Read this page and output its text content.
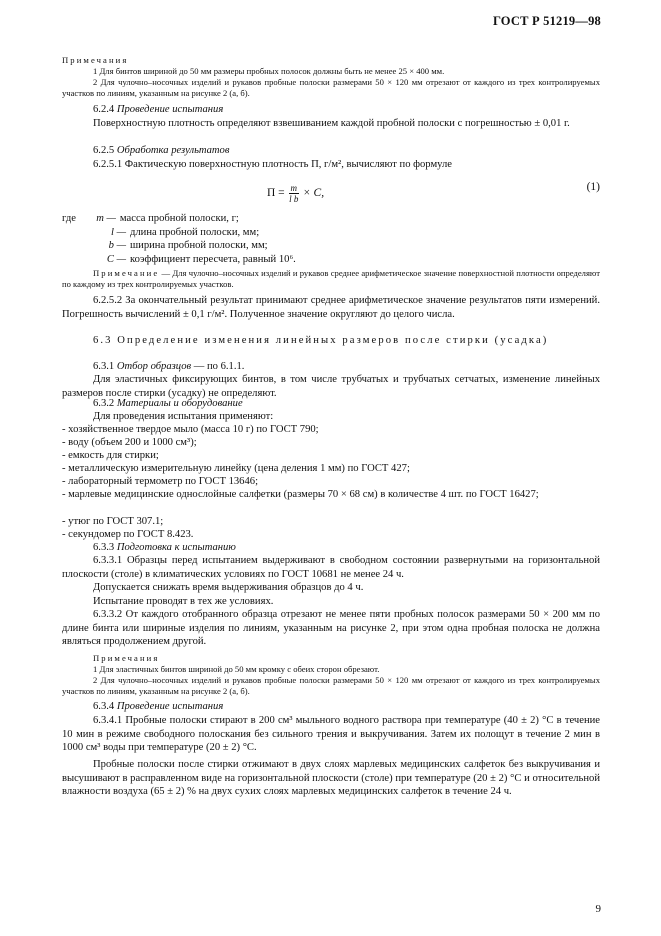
ГОСТ Р 51219—98
Примечания

1 Для бинтов шириной до 50 мм размеры пробных полосок должны быть не менее 25 × 400 мм.

2 Для чулочно–носочных изделий и рукавов пробные полоски размерами 50 × 120 мм отрезают от каждого из трех контролируемых участков по линиям, указанным на рисунке 2 (а, б).

6.2.4 Проведение испытания

Поверхностную плотность определяют взвешиванием каждой пробной полоски с погрешностью ± 0,01 г.

6.2.5 Обработка результатов

6.2.5.1 Фактическую поверхностную плотность П, г/м², вычисляют по формуле

$П = \frac{m}{\text{l b}} \times С$,
(1)
где	m — масса пробной полоски, г;
l — длина пробной полоски, мм;
b — ширина пробной полоски, мм;
C — коэффициент пересчета, равный 10⁶.

Примечание — Для чулочно–носочных изделий и рукавов среднее арифметическое значение поверхностной плотности определяют по каждому из трех контролируемых участков.

6.2.5.2 За окончательный результат принимают среднее арифметическое значение результатов пяти измерений. Погрешность вычислений ± 0,1 г/м². Полученное значение округляют до целого числа.

6.3 Определение изменения линейных размеров после стирки (усадка)

6.3.1 Отбор образцов — по 6.1.1.

Для эластичных фиксирующих бинтов, в том числе трубчатых и трубчатых сетчатых, изменение линейных размеров после стирки (усадку) не определяют.

6.3.2 Материалы и оборудование

Для проведения испытания применяют:

- хозяйственное твердое мыло (масса 10 г) по ГОСТ 790;

- воду (объем 200 и 1000 см³);

- емкость для стирки;

- металлическую измерительную линейку (цена деления 1 мм) по ГОСТ 427;

- лабораторный термометр по ГОСТ 13646;

- марлевые медицинские однослойные салфетки (размеры 70 × 68 см) в количестве 4 шт. по ГОСТ 16427;

- утюг по ГОСТ 307.1;

- секундомер по ГОСТ 8.423.

6.3.3 Подготовка к испытанию

6.3.3.1 Образцы перед испытанием выдерживают в свободном состоянии развернутыми на горизонтальной плоскости (столе) в климатических условиях по ГОСТ 10681 не менее 24 ч.

Допускается снижать время выдерживания образцов до 4 ч.

Испытание проводят в тех же условиях.

6.3.3.2 От каждого отобранного образца отрезают не менее пяти пробных полосок размерами 50 × 200 мм по длине бинта или шириные изделия по линиям, указанным на рисунке 2, при этом одна пробная полоска не должна являться продолжением другой.

Примечания

1 Для эластичных бинтов шириной до 50 мм кромку с обеих сторон обрезают.

2 Для чулочно–носочных изделий и рукавов пробные полоски размерами 50 × 120 мм отрезают от каждого из трех контролируемых участков по линиям, указанным на рисунке 2 (а, б).

6.3.4 Проведение испытания

6.3.4.1 Пробные полоски стирают в 200 см³ мыльного водного раствора при температуре (40 ± 2) °С в течение 10 мин в режиме свободного полоскания без сильного трения и выкручивания. Затем их полощут в течение 2 мин в 1000 см³ воды при температуре (20 ± 2) °С.

Пробные полоски после стирки отжимают в двух слоях марлевых медицинских салфеток без выкручивания и высушивают в расправленном виде на горизонтальной плоскости (столе) при температуре (20 ± 2) °С и относительной влажности воздуха (65 ± 2) % на двух сухих слоях марлевых медицинских салфеток в течение 24 ч.

9
